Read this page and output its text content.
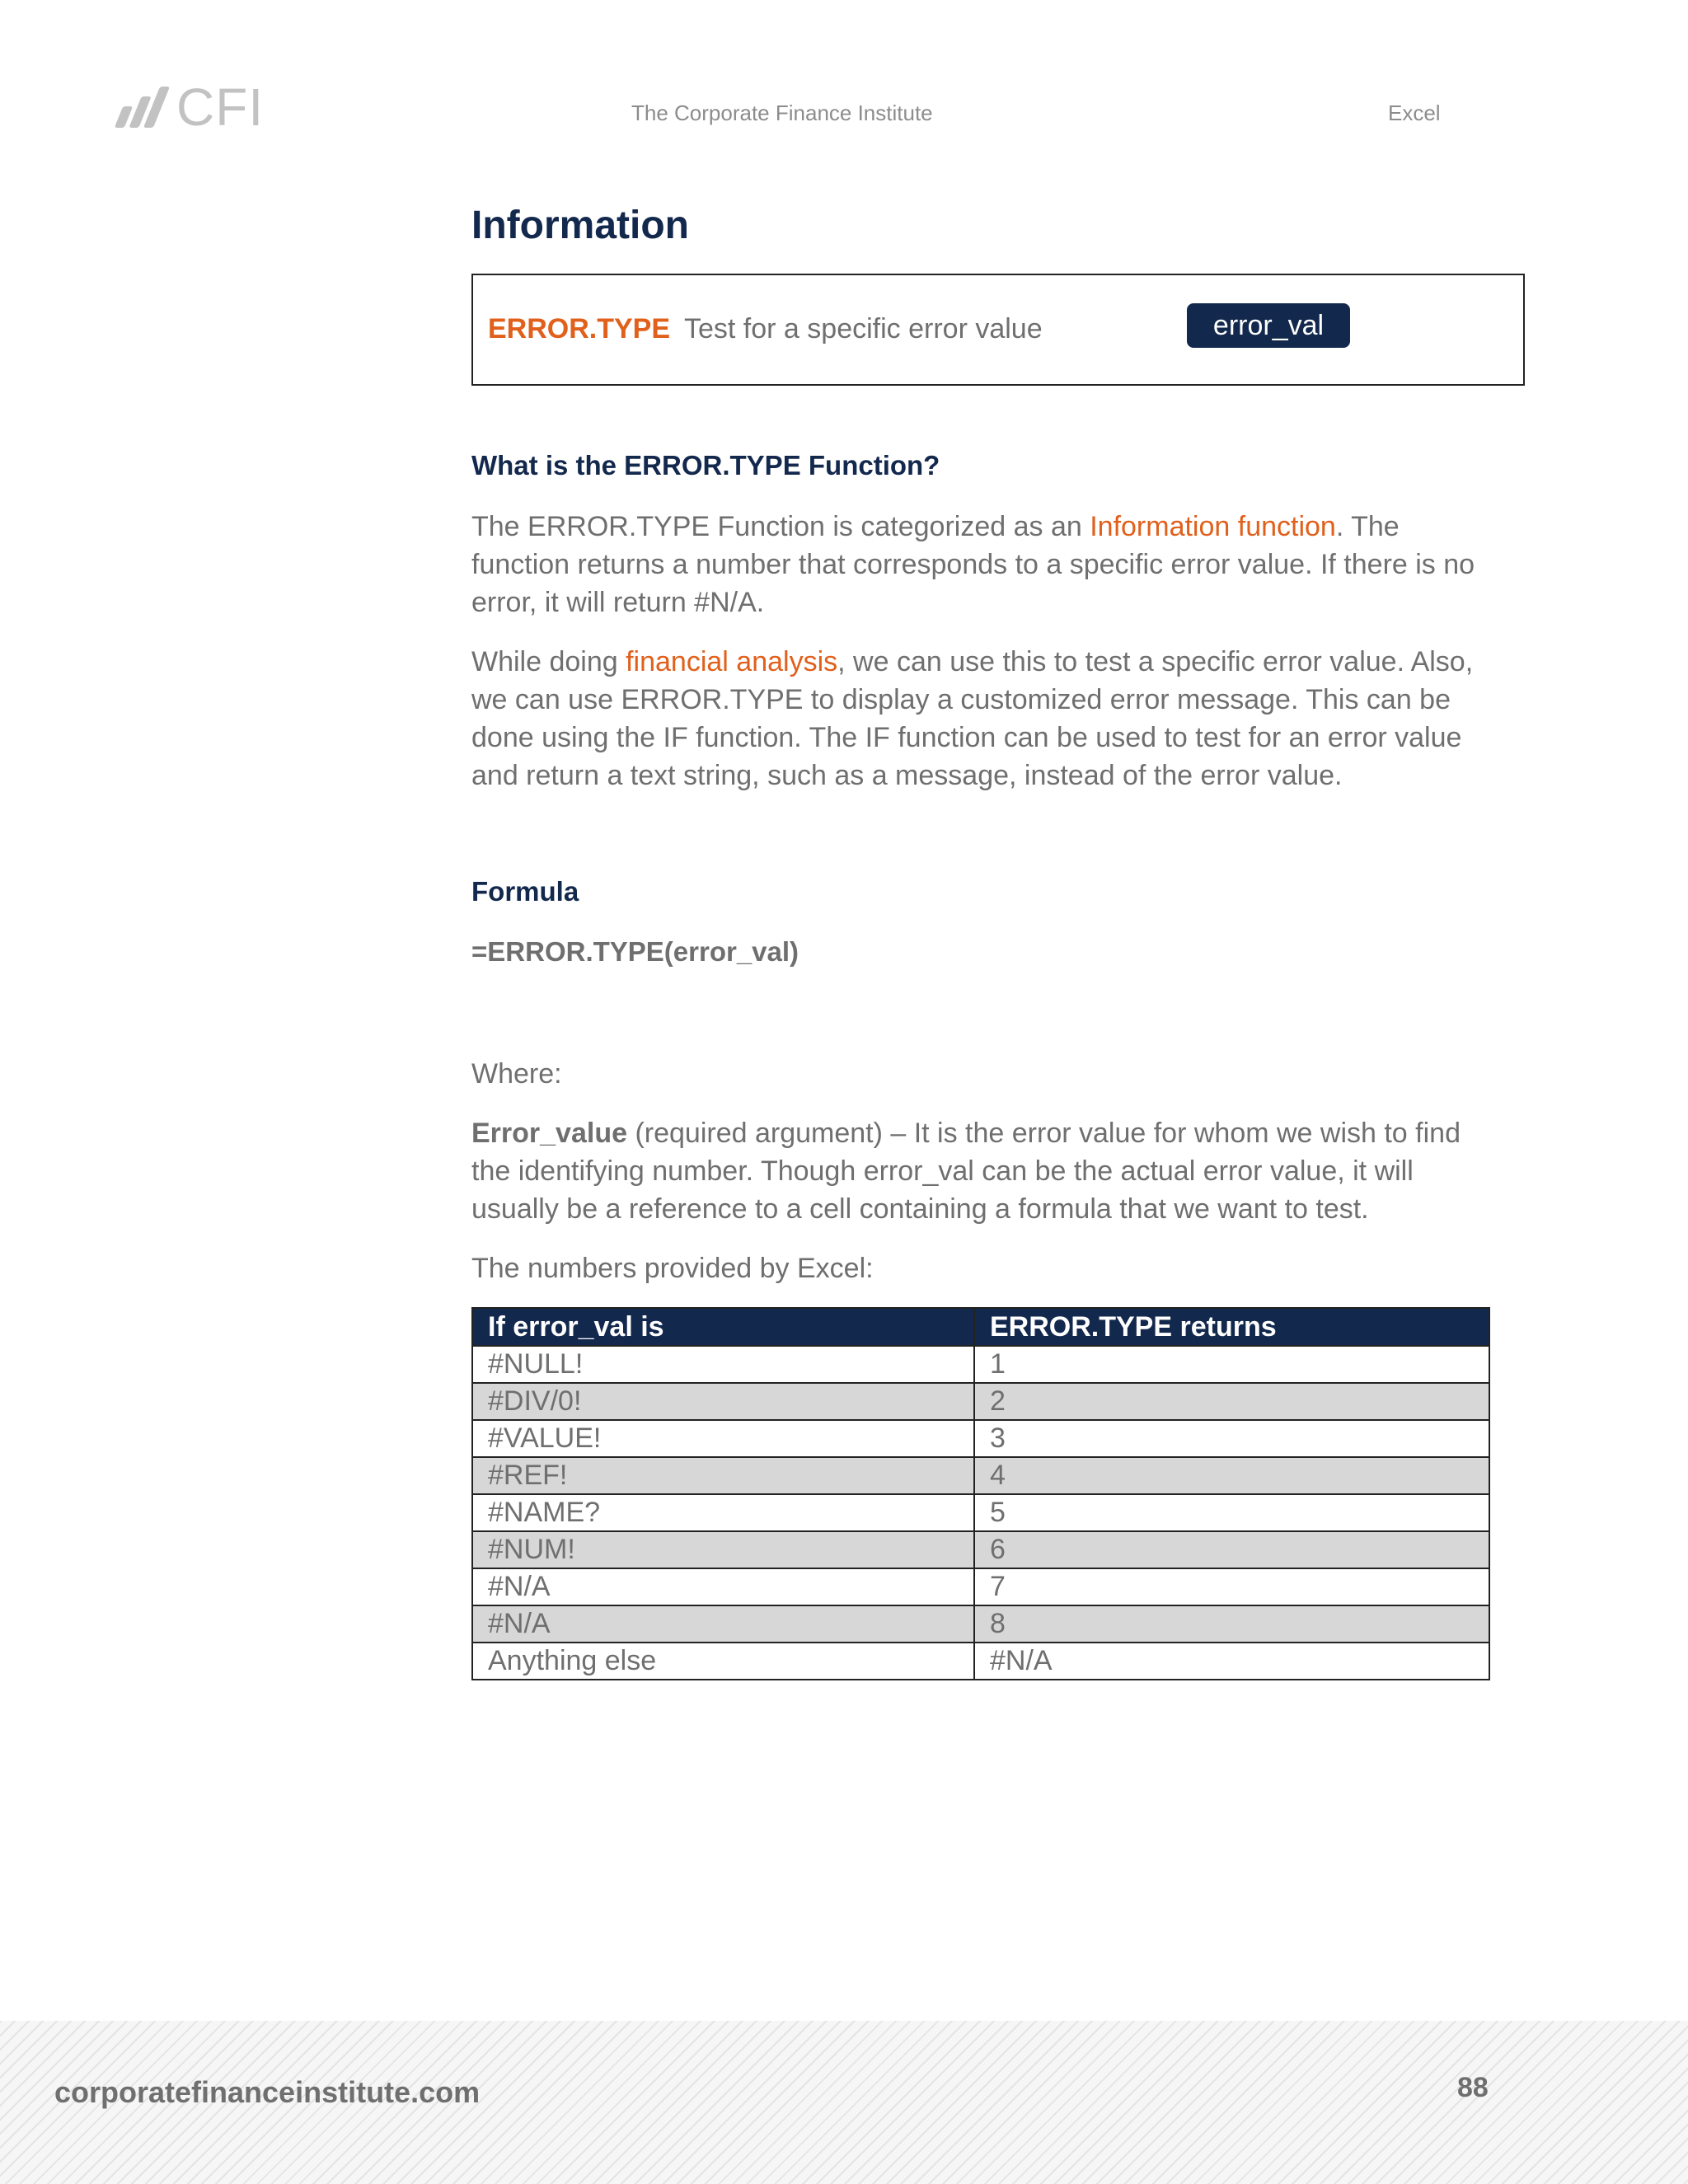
CFI	The Corporate Finance Institute	Excel
Information
ERROR.TYPE Test for a specific error value	error_val
What is the ERROR.TYPE Function?

The ERROR.TYPE Function is categorized as an Information function. The function returns a number that corresponds to a specific error value. If there is no error, it will return #N/A.

While doing financial analysis, we can use this to test a specific error value. Also, we can use ERROR.TYPE to display a customized error message. This can be done using the IF function. The IF function can be used to test for an error value and return a text string, such as a message, instead of the error value.

Formula
=ERROR.TYPE(error_val)

Where:

Error_value (required argument) – It is the error value for whom we wish to find the identifying number. Though error_val can be the actual error value, it will usually be a reference to a cell containing a formula that we want to test.

The numbers provided by Excel:

If error_val is	ERROR.TYPE returns
#NULL!	1
#DIV/0!	2
#VALUE!	3
#REF!	4
#NAME?	5
#NUM!	6
#N/A	7
#N/A	8
Anything else	#N/A
corporatefinanceinstitute.com	88
